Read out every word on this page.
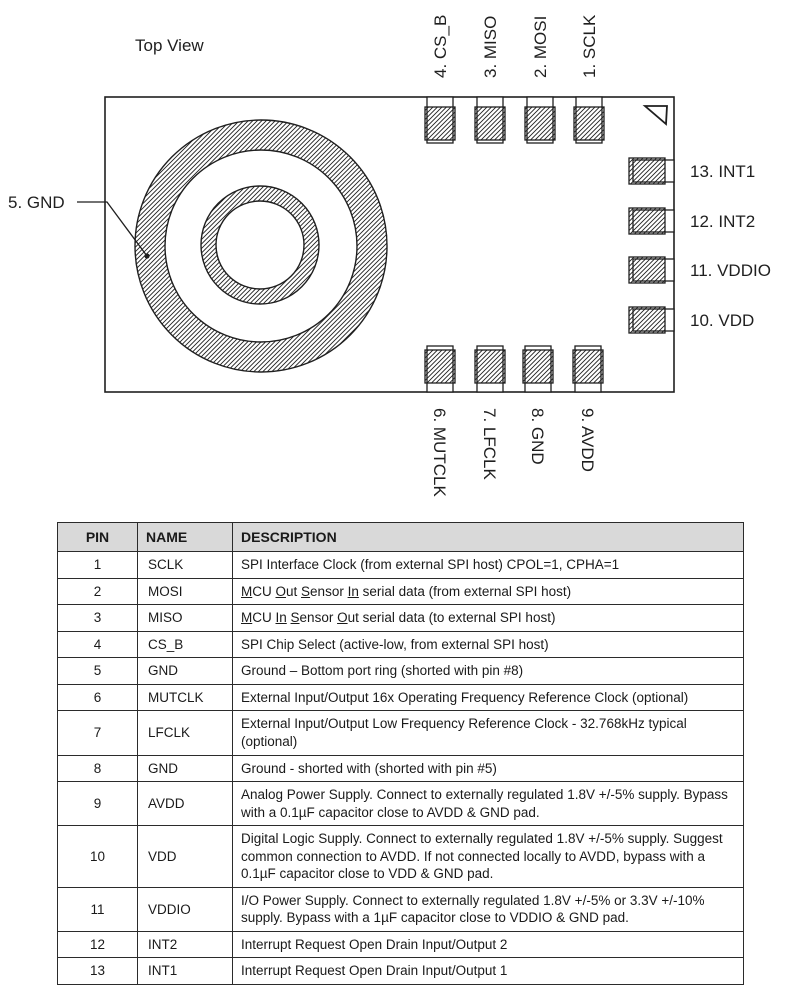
Top View
5. GND
4. CS_B 3. MISO 2. MOSI 1. SCLK
13. INT1
12. INT2
11. VDDIO
10. VDD
6. MUTCLK 7. LFCLK 8. GND 9. AVDD
PIN	NAME	DESCRIPTION
1	SCLK	SPI Interface Clock (from external SPI host) CPOL=1, CPHA=1
2	MOSI	MCU Out Sensor In serial data (from external SPI host)
3	MISO	MCU In Sensor Out serial data (to external SPI host)
4	CS_B	SPI Chip Select (active-low, from external SPI host)
5	GND	Ground – Bottom port ring (shorted with pin #8)
6	MUTCLK	External Input/Output 16x Operating Frequency Reference Clock (optional)
7	LFCLK	External Input/Output Low Frequency Reference Clock - 32.768kHz typical (optional)
8	GND	Ground - shorted with (shorted with pin #5)
9	AVDD	Analog Power Supply. Connect to externally regulated 1.8V +/-5% supply. Bypass with a 0.1µF capacitor close to AVDD & GND pad.
10	VDD	Digital Logic Supply. Connect to externally regulated 1.8V +/-5% supply. Suggest common connection to AVDD. If not connected locally to AVDD, bypass with a 0.1µF capacitor close to VDD & GND pad.
11	VDDIO	I/O Power Supply. Connect to externally regulated 1.8V +/-5% or 3.3V +/-10% supply. Bypass with a 1µF capacitor close to VDDIO & GND pad.
12	INT2	Interrupt Request Open Drain Input/Output 2
13	INT1	Interrupt Request Open Drain Input/Output 1
